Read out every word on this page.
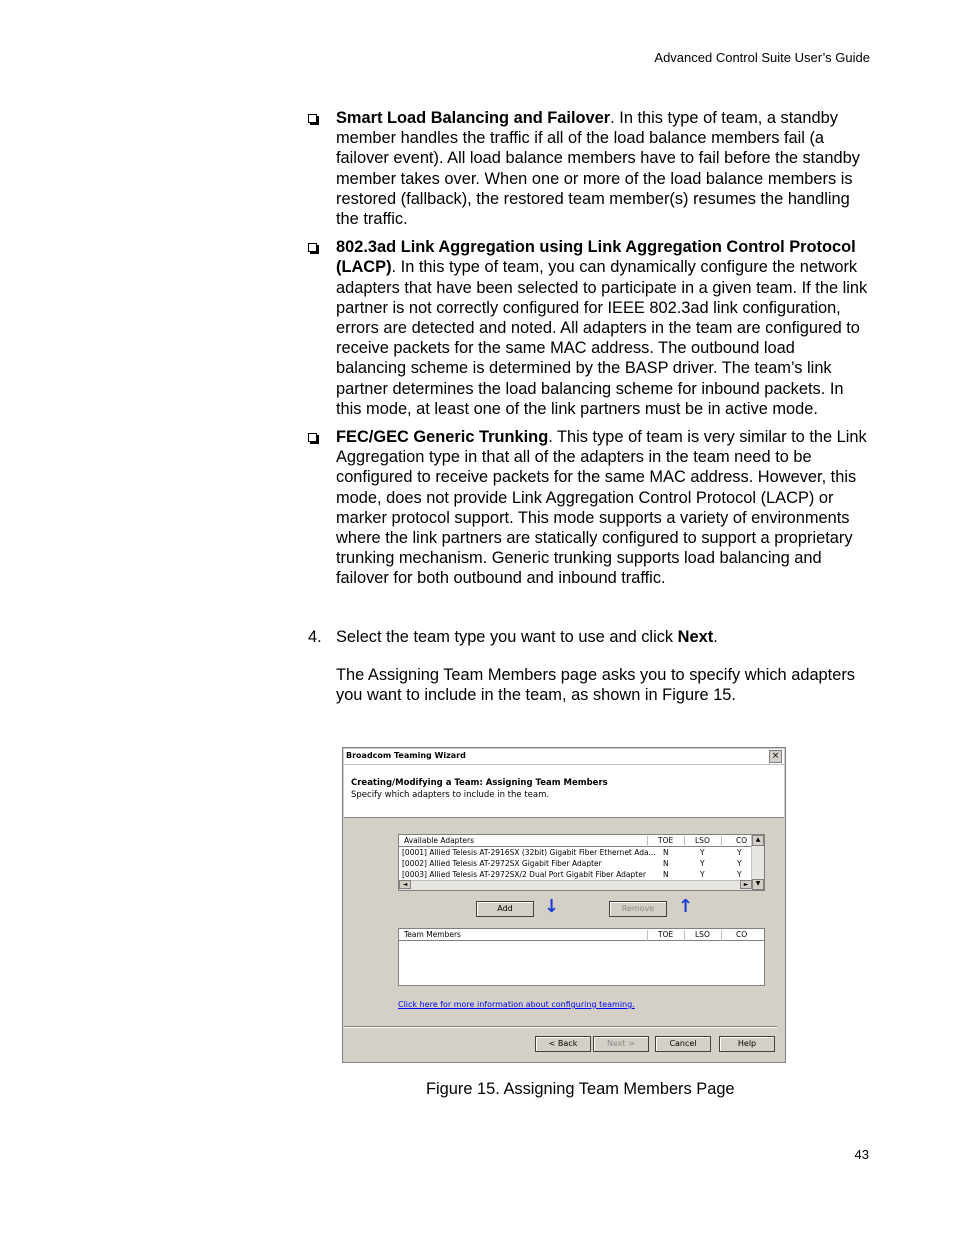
Advanced Control Suite User’s Guide
Smart Load Balancing and Failover. In this type of team, a standby member handles the traffic if all of the load balance members fail (a failover event). All load balance members have to fail before the standby member takes over. When one or more of the load balance members is restored (fallback), the restored team member(s) resumes the handling the traffic.
802.3ad Link Aggregation using Link Aggregation Control Protocol (LACP). In this type of team, you can dynamically configure the network adapters that have been selected to participate in a given team. If the link partner is not correctly configured for IEEE 802.3ad link configuration, errors are detected and noted. All adapters in the team are configured to receive packets for the same MAC address. The outbound load balancing scheme is determined by the BASP driver. The team’s link partner determines the load balancing scheme for inbound packets. In this mode, at least one of the link partners must be in active mode.
FEC/GEC Generic Trunking. This type of team is very similar to the Link Aggregation type in that all of the adapters in the team need to be configured to receive packets for the same MAC address. However, this mode, does not provide Link Aggregation Control Protocol (LACP) or marker protocol support. This mode supports a variety of environments where the link partners are statically configured to support a proprietary trunking mechanism. Generic trunking supports load balancing and failover for both outbound and inbound traffic.
4. Select the team type you want to use and click Next.
The Assigning Team Members page asks you to specify which adapters you want to include in the team, as shown in Figure 15.
Broadcom Teaming Wizard	×
Creating/Modifying a Team: Assigning Team Members
Specify which adapters to include in the team.
Available Adapters	TOE	LSO	CO
[0001] Allied Telesis AT-2916SX (32bit) Gigabit Fiber Ethernet Ada... N	Y	Y
[0002] Allied Telesis AT-2972SX Gigabit Fiber Adapter	N	Y	Y
[0003] Allied Telesis AT-2972SX/2 Dual Port Gigabit Fiber Adapter N	Y	Y
▲
▼
◄	►
Add	↓	Remove	↑
Team Members	TOE	LSO	CO
Click here for more information about configuring teaming.
< Back	Next >	Cancel	Help
Figure 15. Assigning Team Members Page
43
